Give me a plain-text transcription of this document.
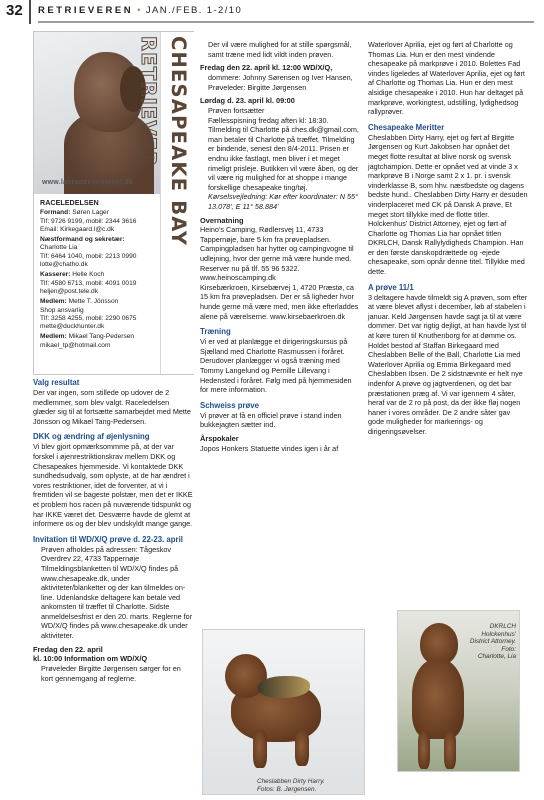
32 RETRIEVEREN • JAN./FEB. 1-2/10
www.labrador-retriever.dk CHESAPEAKE BAY RETRIEVER
RACELEDELSEN
Formand: Søren Lager
Tlf: 9726 9199, mobil: 2344 3616
Email: Kirkegaard.l@c.dk
Næstformand og sekretær:
Charlotte Lia
Tlf: 6464 1040, mobil: 2213 0990
lotte@chatho.dk
Kasserer: Helle Koch
Tlf: 4580 6713, mobil: 4091 0019
heljen@post.tele.dk
Medlem: Mette T. Jönsson
Shop ansvarlig
Tlf: 3258 4255, mobil: 2290 0675
mette@duckhunter.dk
Medlem: Mikael Tang-Pedersen
mikael_tp@hotmail.com

Valg resultat

Der var ingen, som stillede op udover de 2 medlemmer, som blev valgt. Raceledelsen glæder sig til at fortsætte samarbejdet med Mette Jönsson og Mikael Tang-Pedersen.

DKK og ændring af øjenlysning

Vi blev gjort opmærksommme på, at der var forskel i øjenrestriktionskrav mellem DKK og Chesapeakes hjemmeside. Vi kontaktede DKK sundhedsudvalg, som oplyste, at de har ændret i vores restriktioner, idet de forventer, at vi i fremtiden vil se bageste polstær, men det er IKKE et problem hos racen på nuværende tidspunkt og har IKKE været det. Desværre havde de glemt at informere os og der blev undskyldt mange gange.

Invitation til WD/X/Q prøve d. 22-23. april

Prøven afholdes på adressen: Tågeskov Overdrev 22, 4733 Tappernøje Tilmeldingsblanketten til WD/X/Q findes på www.chesapeake.dk, under aktiviteter/blanketter og der kan tilmeldes on-line. Udenlandske deltagere kan betale ved ankomsten til træffet til Charlotte. Sidste anmeldelsesfrist er den 20. marts. Reglerne for WD/X/Q findes på www.chesapeake.dk under aktiviteter.

Fredag den 22. april

kl. 10:00 Information om WD/X/Q

Prøveleder Birgitte Jørgensen sørger for en kort gennemgang af reglerne.

Der vil være mulighed for at stille spørgsmål, samt træne med lidt vildt inden prøven.

Fredag den 22. april kl. 12:00 WD/X/Q,

dommere: Johnny Sørensen og Iver Hansen, Prøveleder: Birgitte Jørgensen

Lørdag d. 23. april kl. 09:00

Prøven fortsætter

Fællesspisning fredag aften kl: 18:30. Tilmelding til Charlotte på ches.dk@gmail.com, man betaler til Charlotte på træffet. Tilmelding er bindende, senest den 8/4-2011. Prisen er endnu ikke fastlagt, men bliver i et meget rimeligt prisleje. Butikken vil være åben, og der vil være rig mulighed for at shoppe i mange forskellige chesapeake ting/tøj.

Kørselsvejledning: Kør efter koordinater: N 55° 13.078', E 11° 58.884'

Overnatning

Heino's Camping, Rødlersvej 11, 4733 Tappernøje, bare 5 km fra prøvepladsen. Campingpladsen har hytter og campingvogne til udlejning, hvor der gerne må være hunde med. Reserver nu på tlf. 55 96 5322. www.heinoscamping.dk

Kirsebærkroen, Kirsebærvej 1, 4720 Præstø, ca 15 km fra prøvepladsen. Der er så ligheder hvor hunde gerne må være med, men ikke efterladdes alene på værelserne. www.kirsebaerkroen.dk

Træning

Vi er ved at planlægge et dirigeringskursus på Sjælland med Charlotte Rasmussen i foråret. Derudover planlægger vi også træning med Tommy Langelund og Pernille Lillevang i Hedensted i foråret. Følg med på hjemmesiden for mere information.

Schweiss prøve

Vi prøver at få en officiel prøve i stand inden bukkejagten sætter ind.

Årspokaler

Jopos Honkers Statuette vindes igen i år af

Waterlover Aprilia, ejet og ført af Charlotte og Thomas Lia. Hun er den mest vindende chesapeake på markprøve i 2010. Bolettes Fad vindes ligeledes af Waterlover Aprilia, ejet og ført af Charlotte og Thomas Lia. Hun er den mest alsidige chesapeake i 2010. Hun har deltaget på markprøve, workingtest, udstilling, lydighedsog rallyprøver.

Chesapeake Meritter

Cheslabben Dirty Harry, ejet og ført af Birgitte Jørgensen og Kurt Jakobsen har opnået det meget flotte resultat at blive norsk og svensk jagtchampion. Dette er opnået ved at vinde 3 x markprøve B i Norge samt 2 x 1. pr. i svensk vinderklasse B, som hhv. næstbedste og dagens bedste hund.. Cheslabben Dirty Harry er desuden vinderplaceret med CK på Dansk A prøve, Et meget stort tillykke med de flotte titler.

Holckenhus' District Attorney, ejet og ført af Charlotte og Thomas Lia har opnået titlen DKRLCH, Dansk Rallylydigheds Champion. Han er den første danskopdrættede og -ejede chesapeake, som opnår denne titel. Tillykke med dette.

A prøve 11/1

3 deltagere havde tilmeldt sig A prøven, som efter at være blevet aflyst i december, løb af stabelen i januar. Keld Jørgensen havde sagt ja til at være dommer. Det var rigtig dejligt, at han havde lyst til at køre turen til Knuthenborg for at dømme os. Holdet bestod af Staffan Birkegaard med Cheslabben Belle of the Ball, Charlotte Lia med Waterlover Aprilia og Emma Birkegaard med Cheslabben Ibsen. De 2 sidstnævnte er helt nye indenfor A prøve og jagtverdenen, og det bar præstationen præg af. Vi var igennem 4 såter, heraf var de 2 ro på post, da der ikke fløj nogen haner i vores områder. De 2 andre såter gav gode muligheder for markerings- og dirigeringsøvelser.

Cheslabben Dirty Harry.
Fotos: B. Jørgensen.
DKRLCH
Holckenhus'
District Attorney.
Foto:
Charlotte, Lia
